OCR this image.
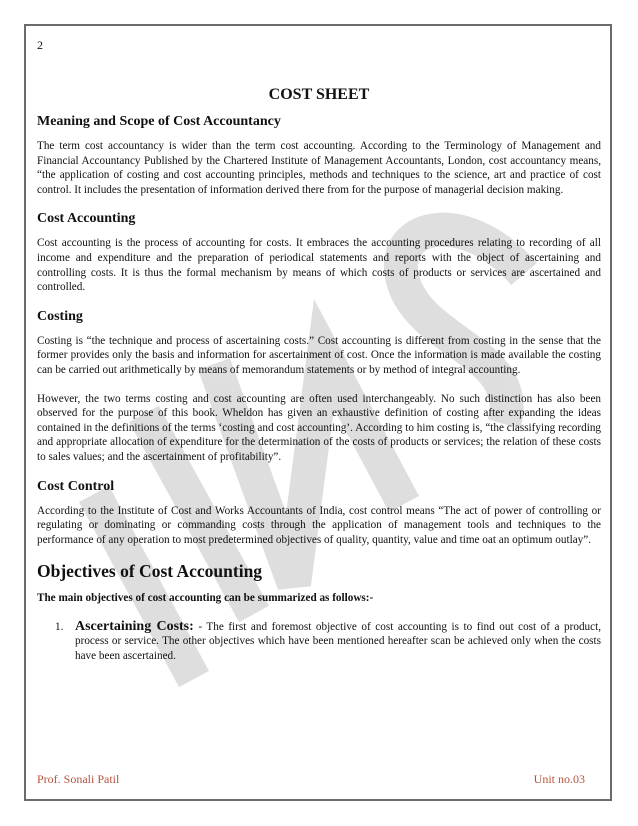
2
COST SHEET
Meaning and Scope of Cost Accountancy

The term cost accountancy is wider than the term cost accounting. According to the Terminology of Management and Financial Accountancy Published by the Chartered Institute of Management Accountants, London, cost accountancy means, “the application of costing and cost accounting principles, methods and techniques to the science, art and practice of cost control. It includes the presentation of information derived there from for the purpose of managerial decision making.

Cost Accounting

Cost accounting is the process of accounting for costs. It embraces the accounting procedures relating to recording of all income and expenditure and the preparation of periodical statements and reports with the object of ascertaining and controlling costs. It is thus the formal mechanism by means of which costs of products or services are ascertained and controlled.

Costing

Costing is “the technique and process of ascertaining costs.” Cost accounting is different from costing in the sense that the former provides only the basis and information for ascertainment of cost. Once the information is made available the costing can be carried out arithmetically by means of memorandum statements or by method of integral accounting.

However, the two terms costing and cost accounting are often used interchangeably. No such distinction has also been observed for the purpose of this book. Wheldon has given an exhaustive definition of costing after expanding the ideas contained in the definitions of the terms ‘costing and cost accounting’. According to him costing is, “the classifying recording and appropriate allocation of expenditure for the determination of the costs of products or services; the relation of these costs to sales values; and the ascertainment of profitability”.

Cost Control

According to the Institute of Cost and Works Accountants of India, cost control means “The act of power of controlling or regulating or dominating or commanding costs through the application of management tools and techniques to the performance of any operation to most predetermined objectives of quality, quantity, value and time oat an optimum outlay”.

Objectives of Cost Accounting

The main objectives of cost accounting can be summarized as follows:-

1. Ascertaining Costs: - The first and foremost objective of cost accounting is to find out cost of a product, process or service. The other objectives which have been mentioned hereafter scan be achieved only when the costs have been ascertained.
Prof. Sonali Patil	Unit no.03
